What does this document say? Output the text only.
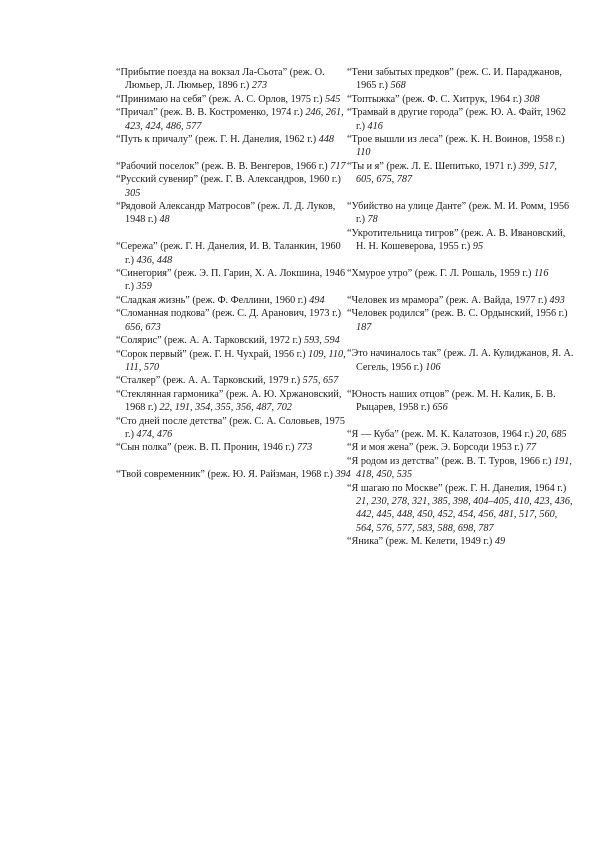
“Прибытие поезда на вокзал Ла-Сьота” (реж. О. Люмьер, Л. Люмьер, 1896 г.) 273

“Принимаю на себя” (реж. А. С. Орлов, 1975 г.) 545

“Причал” (реж. В. В. Костроменко, 1974 г.) 246, 261, 423, 424, 486, 577

“Путь к причалу” (реж. Г. Н. Данелия, 1962 г.) 448

“Рабочий поселок” (реж. В. В. Венгеров, 1966 г.) 717

“Русский сувенир” (реж. Г. В. Александров, 1960 г.) 305

“Рядовой Александр Матросов” (реж. Л. Д. Луков, 1948 г.) 48

“Сережа” (реж. Г. Н. Данелия, И. В. Таланкин, 1960 г.) 436, 448

“Синегория” (реж. Э. П. Гарин, Х. А. Локшина, 1946 г.) 359

“Сладкая жизнь” (реж. Ф. Феллини, 1960 г.) 494

“Сломанная подкова” (реж. С. Д. Аранович, 1973 г.) 656, 673

“Солярис” (реж. А. А. Тарковский, 1972 г.) 593, 594

“Сорок первый” (реж. Г. Н. Чухрай, 1956 г.) 109, 110, 111, 570

“Сталкер” (реж. А. А. Тарковский, 1979 г.) 575, 657

“Стеклянная гармоника” (реж. А. Ю. Хржановский, 1968 г.) 22, 191, 354, 355, 356, 487, 702

“Сто дней после детства” (реж. С. А. Соловьев, 1975 г.) 474, 476

“Сын полка” (реж. В. П. Пронин, 1946 г.) 773

“Твой современник” (реж. Ю. Я. Райзман, 1968 г.) 394

“Тени забытых предков” (реж. С. И. Параджанов, 1965 г.) 568

“Топтыжка” (реж. Ф. С. Хитрук, 1964 г.) 308

“Трамвай в другие города” (реж. Ю. А. Файт, 1962 г.) 416

“Трое вышли из леса” (реж. К. Н. Воинов, 1958 г.) 110

“Ты и я” (реж. Л. Е. Шепитько, 1971 г.) 399, 517, 605, 675, 787

“Убийство на улице Данте” (реж. М. И. Ромм, 1956 г.) 78

“Укротительница тигров” (реж. А. В. Ивановский, Н. Н. Кошеверова, 1955 г.) 95

“Хмурое утро” (реж. Г. Л. Рошаль, 1959 г.) 116

“Человек из мрамора” (реж. А. Вайда, 1977 г.) 493

“Человек родился” (реж. В. С. Ордынский, 1956 г.) 187

“Это начиналось так” (реж. Л. А. Кулиджанов, Я. А. Сегель, 1956 г.) 106

“Юность наших отцов” (реж. М. Н. Калик, Б. В. Рыцарев, 1958 г.) 656

“Я — Куба” (реж. М. К. Калатозов, 1964 г.) 20, 685

“Я и моя жена” (реж. Э. Борсоди 1953 г.) 77

“Я родом из детства” (реж. В. Т. Туров, 1966 г.) 191, 418, 450, 535

“Я шагаю по Москве” (реж. Г. Н. Данелия, 1964 г.) 21, 230, 278, 321, 385, 398, 404–405, 410, 423, 436, 442, 445, 448, 450, 452, 454, 456, 481, 517, 560, 564, 576, 577, 583, 588, 698, 787

“Яника” (реж. М. Келети, 1949 г.) 49
